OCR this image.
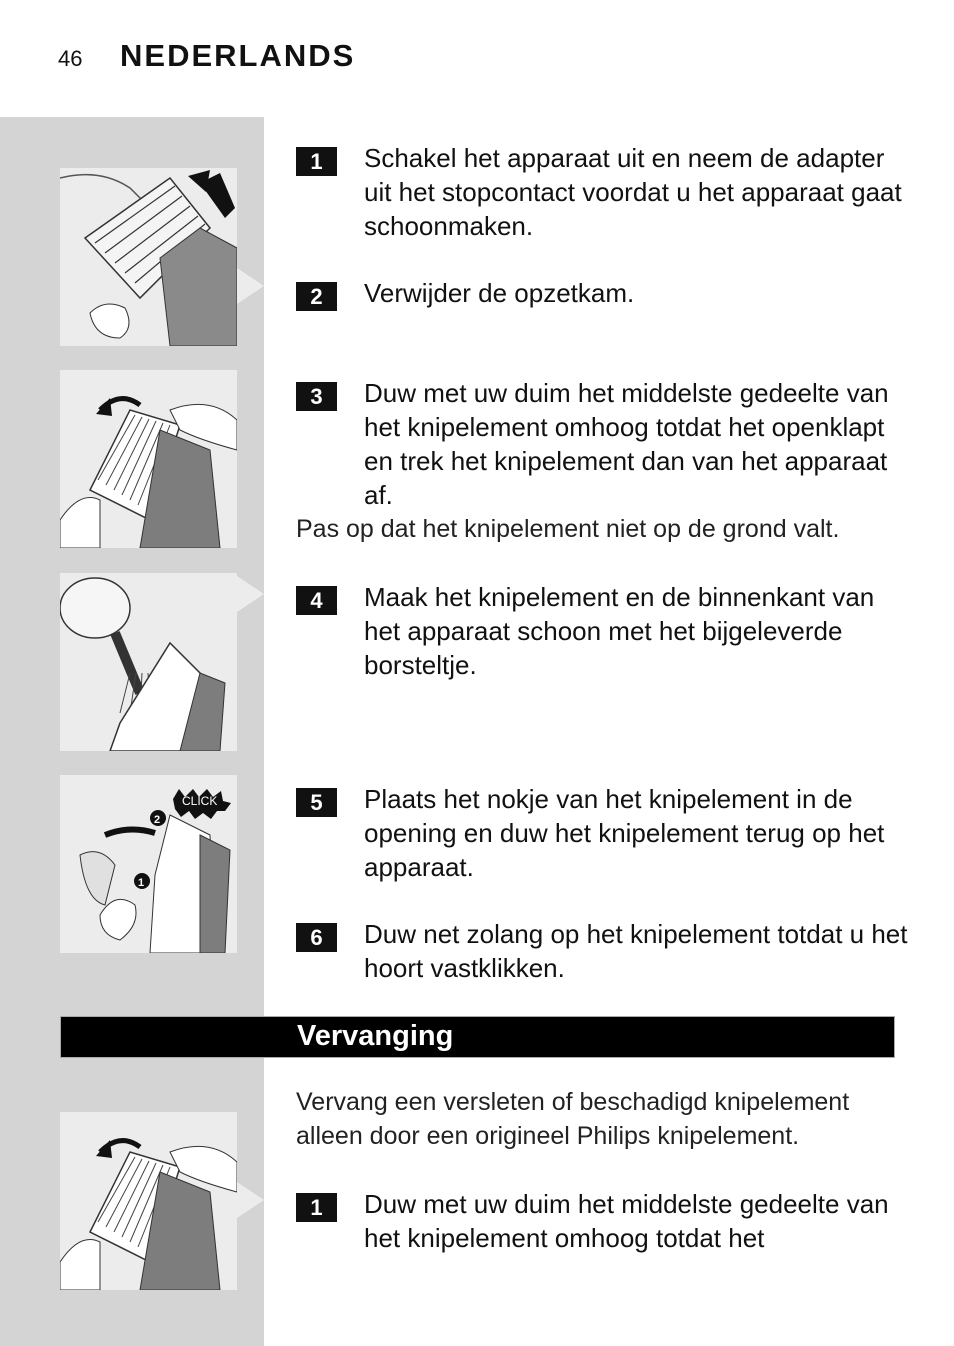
46	NEDERLANDS
CLICK
2
1
1	Schakel het apparaat uit en neem de adapter uit het stopcontact voordat u het apparaat gaat schoonmaken.
2	Verwijder de opzetkam.
3	Duw met uw duim het middelste gedeelte van het knipelement omhoog totdat het openklapt en trek het knipelement dan van het apparaat af.
Pas op dat het knipelement niet op de grond valt.
4	Maak het knipelement en de binnenkant van het apparaat schoon met het bijgeleverde borsteltje.
5	Plaats het nokje van het knipelement in de opening en duw het knipelement terug op het apparaat.
6	Duw net zolang op het knipelement totdat u het hoort vastklikken.
Vervanging
Vervang een versleten of beschadigd knipelement alleen door een origineel Philips knipelement.
1	Duw met uw duim het middelste gedeelte van het knipelement omhoog totdat het
